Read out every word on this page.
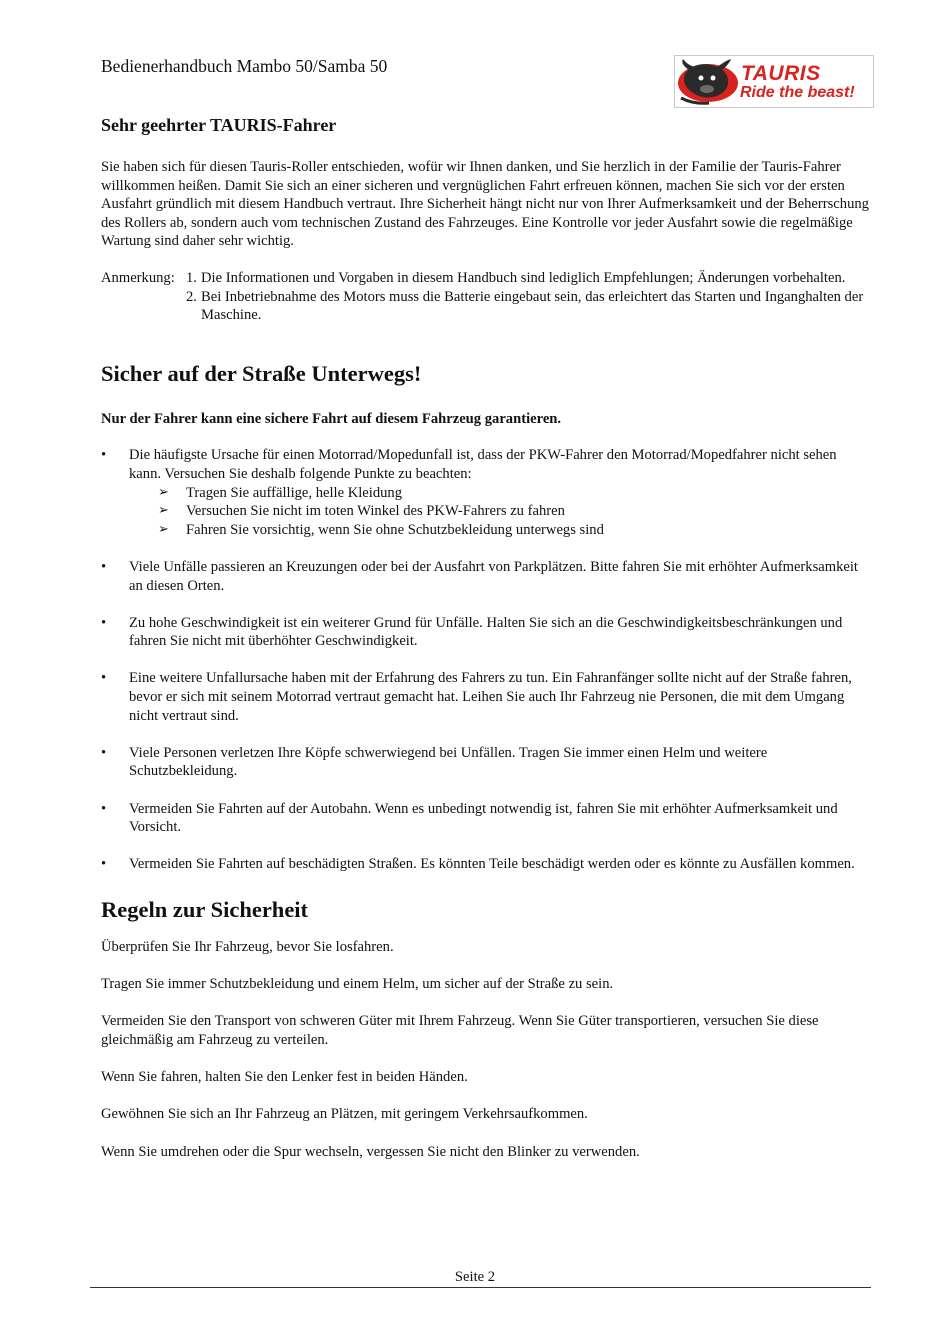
Bedienerhandbuch Mambo 50/Samba 50	TAURIS
Ride the beast!
Sehr geehrter TAURIS-Fahrer

Sie haben sich für diesen Tauris-Roller entschieden, wofür wir Ihnen danken, und Sie herzlich in der Familie der Tauris-Fahrer willkommen heißen. Damit Sie sich an einer sicheren und vergnüglichen Fahrt erfreuen können, machen Sie sich vor der ersten Ausfahrt gründlich mit diesem Handbuch vertraut. Ihre Sicherheit hängt nicht nur von Ihrer Aufmerksamkeit und der Beherrschung des Rollers ab, sondern auch vom technischen Zustand des Fahrzeuges. Eine Kontrolle vor jeder Ausfahrt sowie die regelmäßige Wartung sind daher sehr wichtig.

Anmerkung: 1. Die Informationen und Vorgaben in diesem Handbuch sind lediglich Empfehlungen; Änderungen vorbehalten.
2. Bei Inbetriebnahme des Motors muss die Batterie eingebaut sein, das erleichtert das Starten und Inganghalten der Maschine.
Sicher auf der Straße Unterwegs!

Nur der Fahrer kann eine sichere Fahrt auf diesem Fahrzeug garantieren.

• Die häufigste Ursache für einen Motorrad/Mopedunfall ist, dass der PKW-Fahrer den Motorrad/Mopedfahrer nicht sehen kann. Versuchen Sie deshalb folgende Punkte zu beachten:
➢ Tragen Sie auffällige, helle Kleidung
➢ Versuchen Sie nicht im toten Winkel des PKW-Fahrers zu fahren
➢ Fahren Sie vorsichtig, wenn Sie ohne Schutzbekleidung unterwegs sind
• Viele Unfälle passieren an Kreuzungen oder bei der Ausfahrt von Parkplätzen. Bitte fahren Sie mit erhöhter Aufmerksamkeit an diesen Orten.
• Zu hohe Geschwindigkeit ist ein weiterer Grund für Unfälle. Halten Sie sich an die Geschwindigkeitsbeschränkungen und fahren Sie nicht mit überhöhter Geschwindigkeit.
• Eine weitere Unfallursache haben mit der Erfahrung des Fahrers zu tun. Ein Fahranfänger sollte nicht auf der Straße fahren, bevor er sich mit seinem Motorrad vertraut gemacht hat. Leihen Sie auch Ihr Fahrzeug nie Personen, die mit dem Umgang nicht vertraut sind.
• Viele Personen verletzen Ihre Köpfe schwerwiegend bei Unfällen. Tragen Sie immer einen Helm und weitere Schutzbekleidung.
• Vermeiden Sie Fahrten auf der Autobahn. Wenn es unbedingt notwendig ist, fahren Sie mit erhöhter Aufmerksamkeit und Vorsicht.
• Vermeiden Sie Fahrten auf beschädigten Straßen. Es könnten Teile beschädigt werden oder es könnte zu Ausfällen kommen.
Regeln zur Sicherheit

Überprüfen Sie Ihr Fahrzeug, bevor Sie losfahren.

Tragen Sie immer Schutzbekleidung und einem Helm, um sicher auf der Straße zu sein.

Vermeiden Sie den Transport von schweren Güter mit Ihrem Fahrzeug. Wenn Sie Güter transportieren, versuchen Sie diese gleichmäßig am Fahrzeug zu verteilen.

Wenn Sie fahren, halten Sie den Lenker fest in beiden Händen.

Gewöhnen Sie sich an Ihr Fahrzeug an Plätzen, mit geringem Verkehrsaufkommen.

Wenn Sie umdrehen oder die Spur wechseln, vergessen Sie nicht den Blinker zu verwenden.

Seite 2
